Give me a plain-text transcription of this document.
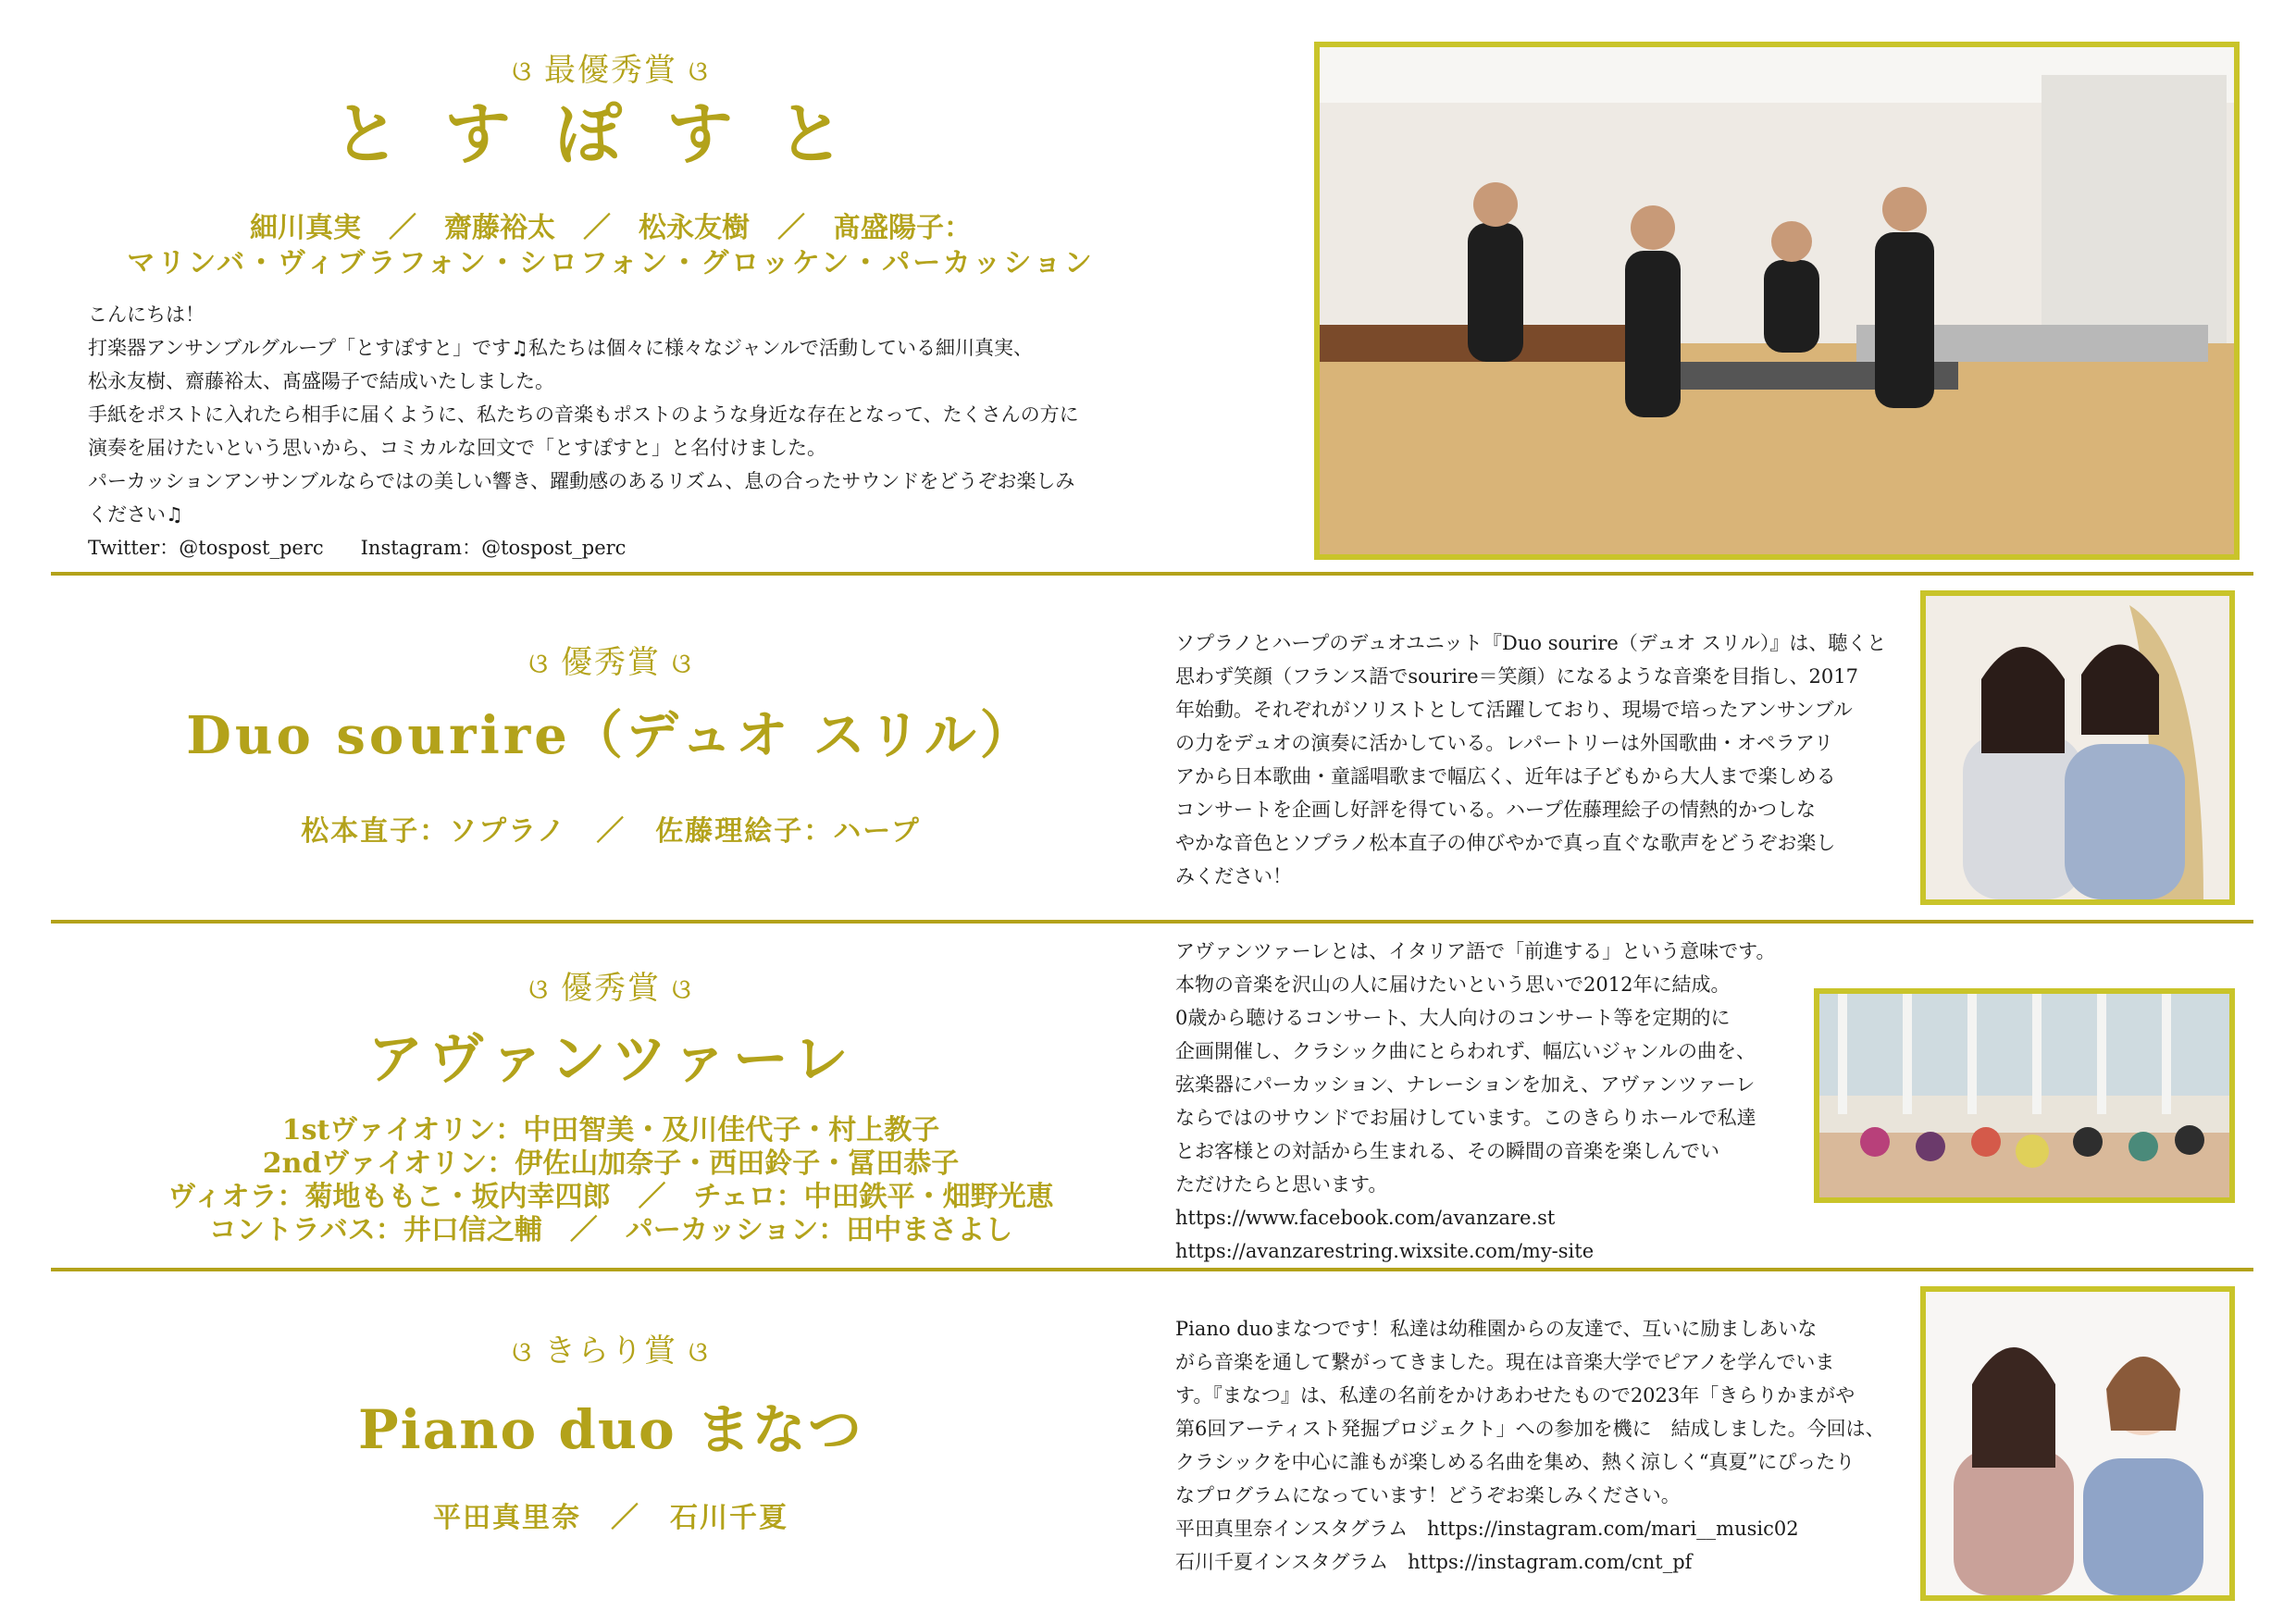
ଓ 最優秀賞 ଓ
とすぽすと
細川真実　／　齋藤裕太　／　松永友樹　／　髙盛陽子：
マリンバ・ヴィブラフォン・シロフォン・グロッケン・パーカッション

こんにちは！

打楽器アンサンブルグループ「とすぽすと」です♫私たちは個々に様々なジャンルで活動している細川真実、

松永友樹、齋藤裕太、髙盛陽子で結成いたしました。

手紙をポストに入れたら相手に届くように、私たちの音楽もポストのような身近な存在となって、たくさんの方に

演奏を届けたいという思いから、コミカルな回文で「とすぽすと」と名付けました。

パーカッションアンサンブルならではの美しい響き、躍動感のあるリズム、息の合ったサウンドをどうぞお楽しみ

ください♫

Twitter：@tospost_perc Instagram：@tospost_perc

ଓ 優秀賞 ଓ
Duo sourire（デュオ スリル）
松本直子：ソプラノ　／　佐藤理絵子：ハープ

ソプラノとハープのデュオユニット『Duo sourire（デュオ スリル）』は、聴くと

思わず笑顔（フランス語でsourire＝笑顔）になるような音楽を目指し、2017

年始動。それぞれがソリストとして活躍しており、現場で培ったアンサンブル

の力をデュオの演奏に活かしている。レパートリーは外国歌曲・オペラアリ

アから日本歌曲・童謡唱歌まで幅広く、近年は子どもから大人まで楽しめる

コンサートを企画し好評を得ている。ハープ佐藤理絵子の情熱的かつしな

やかな音色とソプラノ松本直子の伸びやかで真っ直ぐな歌声をどうぞお楽し

みください！

ଓ 優秀賞 ଓ
アヴァンツァーレ
1stヴァイオリン：中田智美・及川佳代子・村上教子
2ndヴァイオリン：伊佐山加奈子・西田鈴子・冨田恭子
ヴィオラ：菊地ももこ・坂内幸四郎　／　チェロ：中田鉄平・畑野光恵
コントラバス：井口信之輔　／　パーカッション：田中まさよし

アヴァンツァーレとは、イタリア語で「前進する」という意味です。

本物の音楽を沢山の人に届けたいという思いで2012年に結成。

0歳から聴けるコンサート、大人向けのコンサート等を定期的に

企画開催し、クラシック曲にとらわれず、幅広いジャンルの曲を、

弦楽器にパーカッション、ナレーションを加え、アヴァンツァーレ

ならではのサウンドでお届けしています。このきらりホールで私達

とお客様との対話から生まれる、その瞬間の音楽を楽しんでい

ただけたらと思います。

https://www.facebook.com/avanzare.st

https://avanzarestring.wixsite.com/my-site

ଓ きらり賞 ଓ
Piano duo まなつ
平田真里奈　／　石川千夏

Piano duoまなつです！私達は幼稚園からの友達で、互いに励ましあいな

がら音楽を通して繋がってきました。現在は音楽大学でピアノを学んでいま

す。『まなつ』は、私達の名前をかけあわせたもので2023年「きらりかまがや

第6回アーティスト発掘プロジェクト」への参加を機に　結成しました。今回は、

クラシックを中心に誰もが楽しめる名曲を集め、熱く涼しく“真夏”にぴったり

なプログラムになっています！どうぞお楽しみください。

平田真里奈インスタグラム　https://instagram.com/mari__music02

石川千夏インスタグラム　https://instagram.com/cnt_pf
